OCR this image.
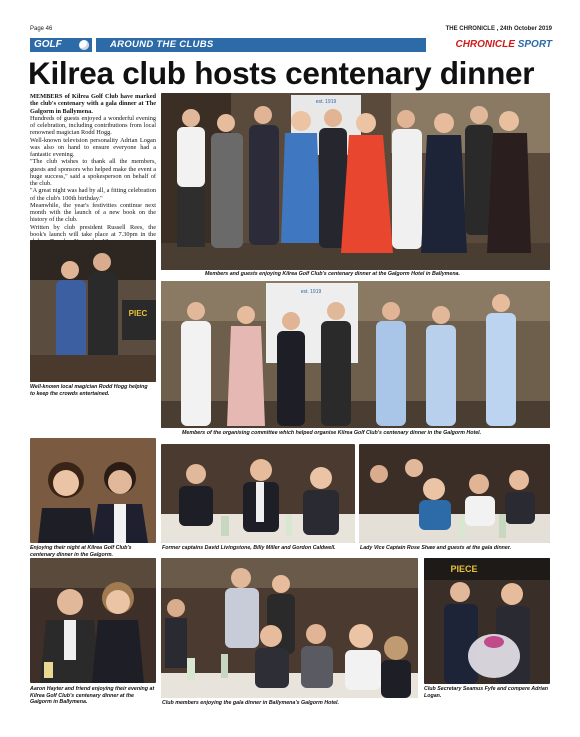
Page 46	THE CHRONICLE , 24th October 2019
GOLF	AROUND THE CLUBS	CHRONICLE SPORT
Kilrea club hosts centenary dinner

MEMBERS of Kilrea Golf Club have marked the club's centenary with a gala dinner at The Galgorm in Ballymena.

Hundreds of guests enjoyed a wonderful evening of celebration, including contributions from local renowned magician Rodd Hogg.

Well-known television personality Adrian Logan was also on hand to ensure everyone had a fantastic evening.

"The club wishes to thank all the members, guests and sponsors who helped make the event a huge success," said a spokesperson on behalf of the club.

"A great night was had by all, a fitting celebration of the club's 100th birthday."

Meanwhile, the year's festivities continue next month with the launch of a new book on the history of the club.

Written by club president Russell Rees, the book's launch will take place at 7.30pm in the

est. 1919
Members and guests enjoying Kilrea Golf Club's centenary dinner at the Galgorm Hotel in Ballymena.
PIEC
Well-known local magician Rodd Hogg helping to keep the crowds entertained.
est. 1919
Members of the organising committee which helped organise Kilrea Golf Club's centenary dinner in the Galgorm Hotel.
Enjoying their night at Kilrea Golf Club's centenary dinner in the Galgorm.
Former captains David Livingstone, Billy Miller and Gordon Caldwell.	Lady Vice Captain Rose Shaw and guests at the gala dinner.
Aaron Hayter and friend enjoying their evening at Kilrea Golf Club's centenary dinner at the Galgorm in Ballymena.	Club members enjoying the gala dinner in Ballymena's Galgorm Hotel.
PIECE
Club Secretary Seamus Fyfe and compere Adrian Logan.
